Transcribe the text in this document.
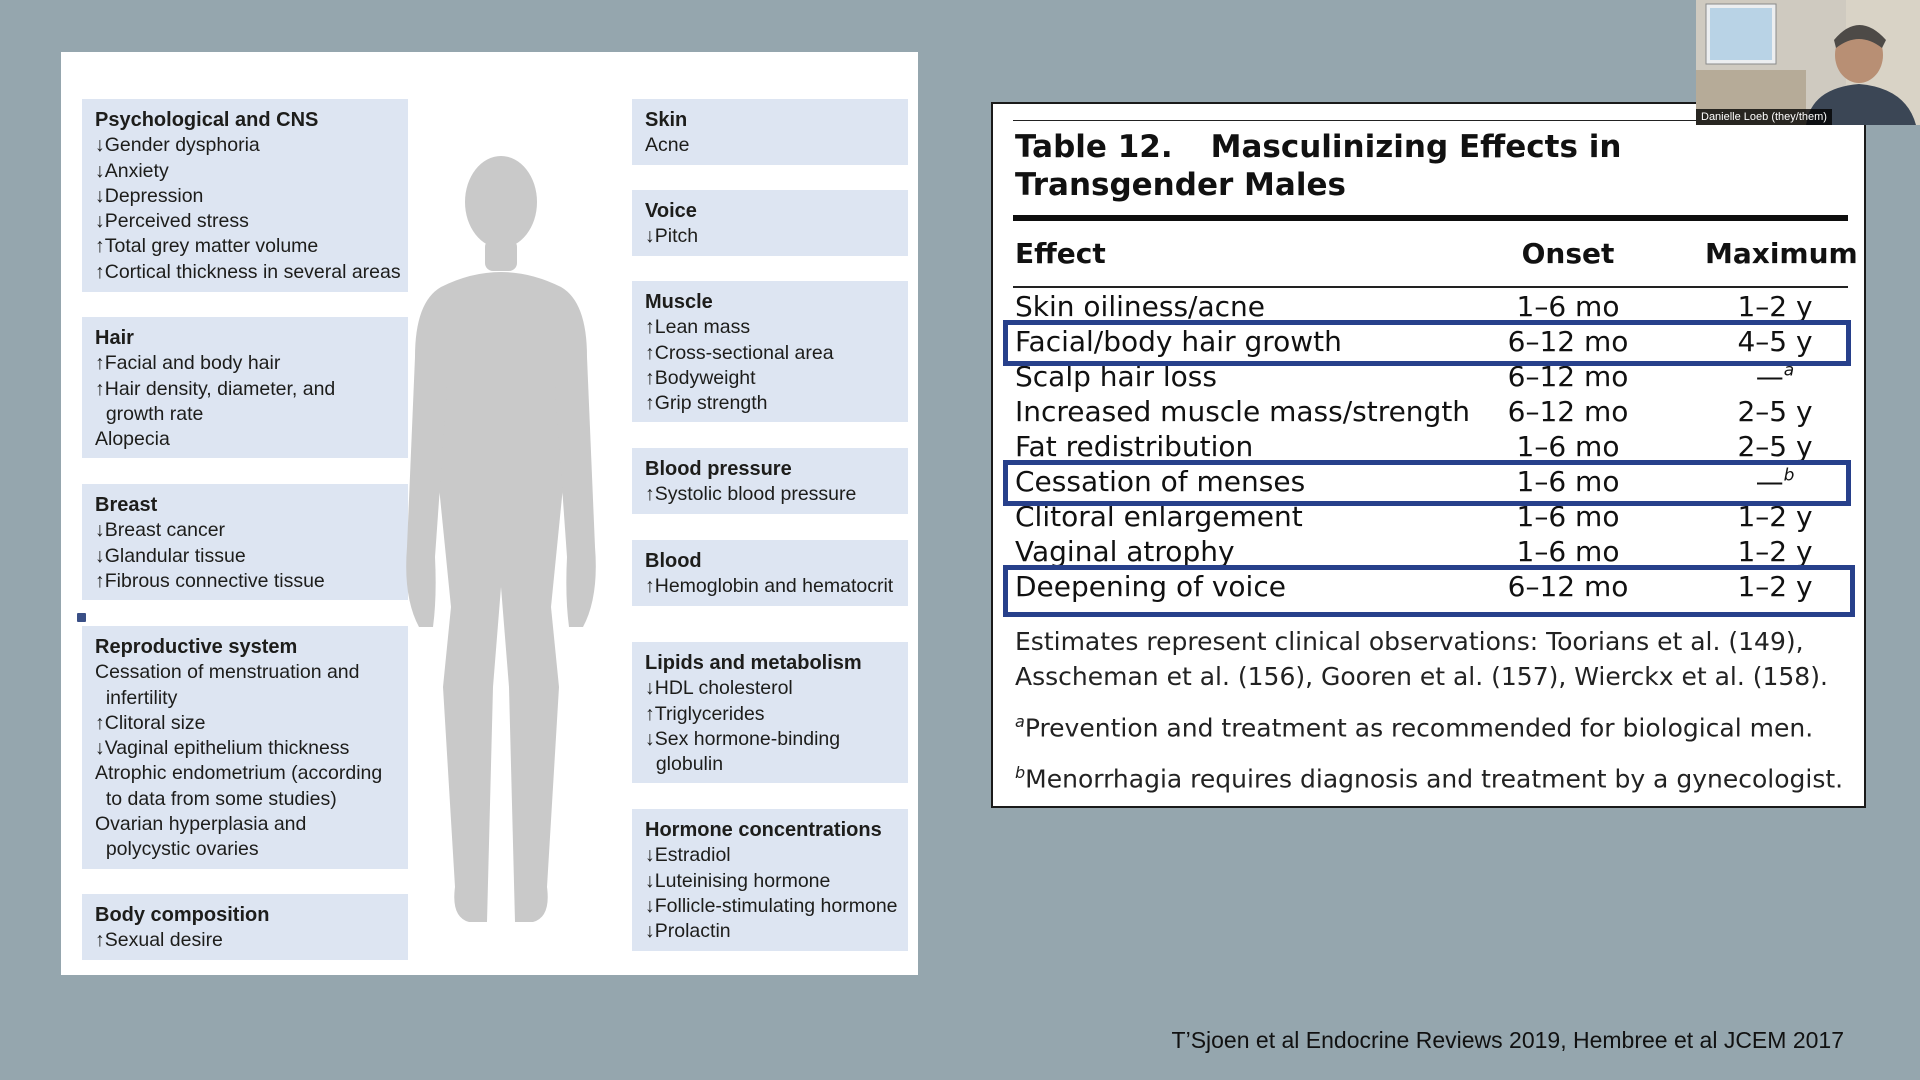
Psychological and CNS
↓Gender dysphoria
↓Anxiety
↓Depression
↓Perceived stress
↑Total grey matter volume
↑Cortical thickness in several areas
Hair
↑Facial and body hair
↑Hair density, diameter, and
growth rate
Alopecia
Breast
↓Breast cancer
↓Glandular tissue
↑Fibrous connective tissue
Reproductive system
Cessation of menstruation and
infertility
↑Clitoral size
↓Vaginal epithelium thickness
Atrophic endometrium (according
to data from some studies)
Ovarian hyperplasia and
polycystic ovaries
Body composition
↑Sexual desire
Skin
Acne
Voice
↓Pitch
Muscle
↑Lean mass
↑Cross-sectional area
↑Bodyweight
↑Grip strength
Blood pressure
↑Systolic blood pressure
Blood
↑Hemoglobin and hematocrit
Lipids and metabolism
↓HDL cholesterol
↑Triglycerides
↓Sex hormone-binding
globulin
Hormone concentrations
↓Estradiol
↓Luteinising hormone
↓Follicle-stimulating hormone
↓Prolactin
Table 12. Masculinizing Effects in Transgender Males
Effect	Onset	Maximum
Skin oiliness/acne	1–6 mo	1–2 y
Facial/body hair growth	6–12 mo	4–5 y
Scalp hair loss	6–12 mo	—$^a$
Increased muscle mass/strength	6–12 mo	2–5 y
Fat redistribution	1–6 mo	2–5 y
Cessation of menses	1–6 mo	—$^b$
Clitoral enlargement	1–6 mo	1–2 y
Vaginal atrophy	1–6 mo	1–2 y
Deepening of voice	6–12 mo	1–2 y

Estimates represent clinical observations: Toorians et al. (149), Asscheman et al. (156), Gooren et al. (157), Wierckx et al. (158).

$^a$Prevention and treatment as recommended for biological men.

$^b$Menorrhagia requires diagnosis and treatment by a gynecologist.

Danielle Loeb (they/them)
T’Sjoen et al Endocrine Reviews 2019, Hembree et al JCEM 2017
